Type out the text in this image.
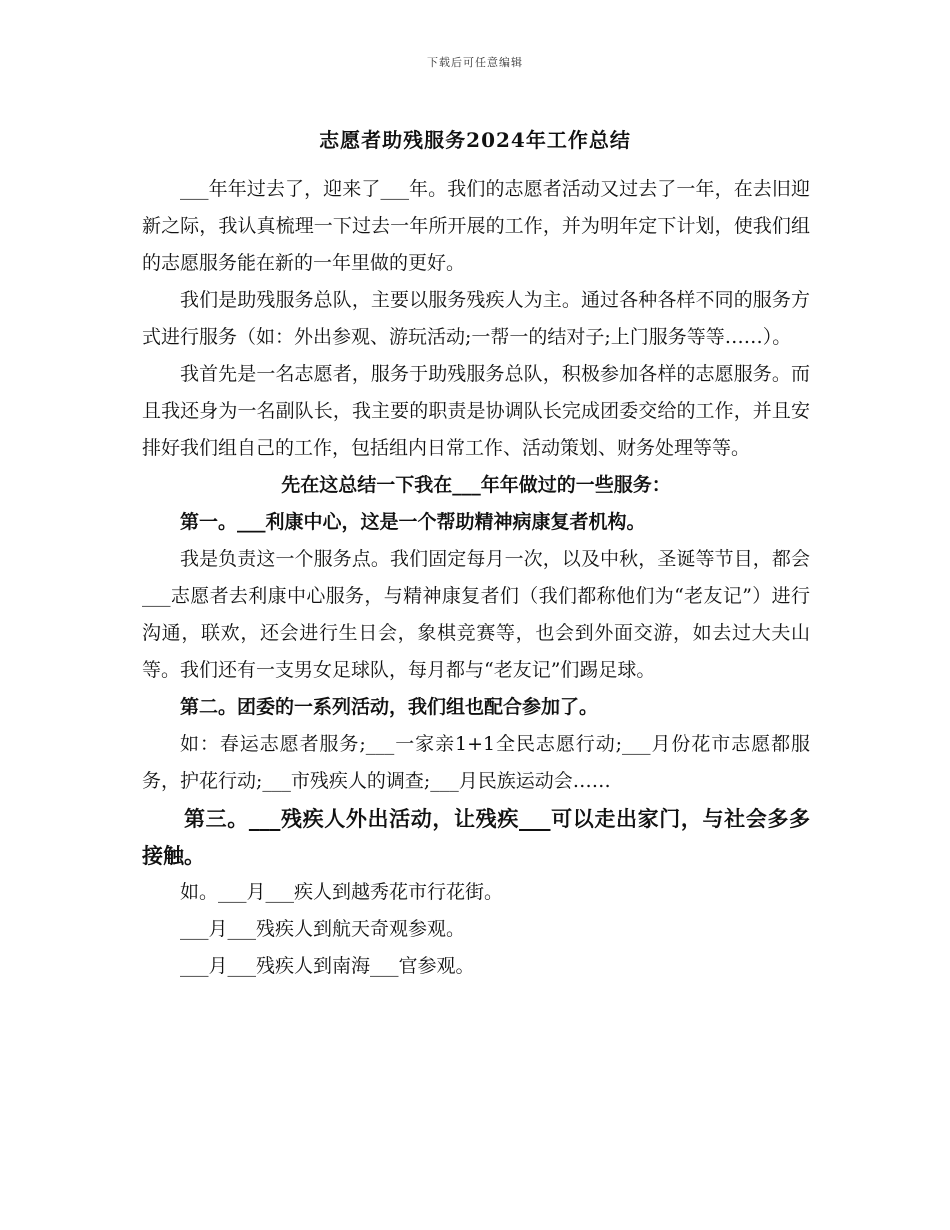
下载后可任意编辑
志愿者助残服务2024年工作总结

___年年过去了，迎来了___年。我们的志愿者活动又过去了一年，在去旧迎新之际，我认真梳理一下过去一年所开展的工作，并为明年定下计划，使我们组的志愿服务能在新的一年里做的更好。

我们是助残服务总队，主要以服务残疾人为主。通过各种各样不同的服务方式进行服务（如：外出参观、游玩活动;一帮一的结对子;上门服务等等……）。

我首先是一名志愿者，服务于助残服务总队，积极参加各样的志愿服务。而且我还身为一名副队长，我主要的职责是协调队长完成团委交给的工作，并且安排好我们组自己的工作，包括组内日常工作、活动策划、财务处理等等。

先在这总结一下我在___年年做过的一些服务：

第一。___利康中心，这是一个帮助精神病康复者机构。

我是负责这一个服务点。我们固定每月一次，以及中秋，圣诞等节目，都会___志愿者去利康中心服务，与精神康复者们（我们都称他们为“老友记”）进行沟通，联欢，还会进行生日会，象棋竞赛等，也会到外面交游，如去过大夫山等。我们还有一支男女足球队，每月都与“老友记”们踢足球。

第二。团委的一系列活动，我们组也配合参加了。

如：春运志愿者服务;___一家亲1+1全民志愿行动;___月份花市志愿都服务，护花行动;___市残疾人的调查;___月民族运动会……

第三。___残疾人外出活动，让残疾___可以走出家门，与社会多多接触。

如。___月___疾人到越秀花市行花街。

___月___残疾人到航天奇观参观。

___月___残疾人到南海___官参观。
